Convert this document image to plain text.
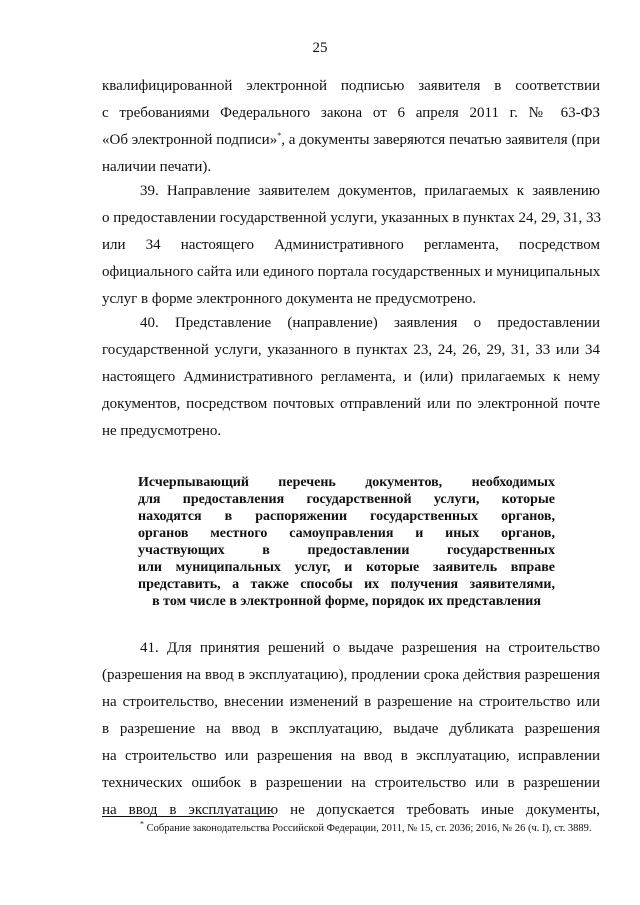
25
квалифицированной электронной подписью заявителя в соответствии
с требованиями Федерального закона от 6 апреля 2011 г. № 63-ФЗ
«Об электронной подписи»*, а документы заверяются печатью заявителя (при
наличии печати).
39. Направление заявителем документов, прилагаемых к заявлению
о предоставлении государственной услуги, указанных в пунктах 24, 29, 31, 33
или 34 настоящего Административного регламента, посредством
официального сайта или единого портала государственных и муниципальных
услуг в форме электронного документа не предусмотрено.
40. Представление (направление) заявления о предоставлении
государственной услуги, указанного в пунктах 23, 24, 26, 29, 31, 33 или 34
настоящего Административного регламента, и (или) прилагаемых к нему
документов, посредством почтовых отправлений или по электронной почте
не предусмотрено.
Исчерпывающий перечень документов, необходимых
для предоставления государственной услуги, которые
находятся в распоряжении государственных органов,
органов местного самоуправления и иных органов,
участвующих в предоставлении государственных
или муниципальных услуг, и которые заявитель вправе
представить, а также способы их получения заявителями,
в том числе в электронной форме, порядок их представления
41. Для принятия решений о выдаче разрешения на строительство
(разрешения на ввод в эксплуатацию), продлении срока действия разрешения
на строительство, внесении изменений в разрешение на строительство или
в разрешение на ввод в эксплуатацию, выдаче дубликата разрешения
на строительство или разрешения на ввод в эксплуатацию, исправлении
технических ошибок в разрешении на строительство или в разрешении
на ввод в эксплуатацию не допускается требовать иные документы,
* Собрание законодательства Российской Федерации, 2011, № 15, ст. 2036; 2016, № 26 (ч. I), ст. 3889.
